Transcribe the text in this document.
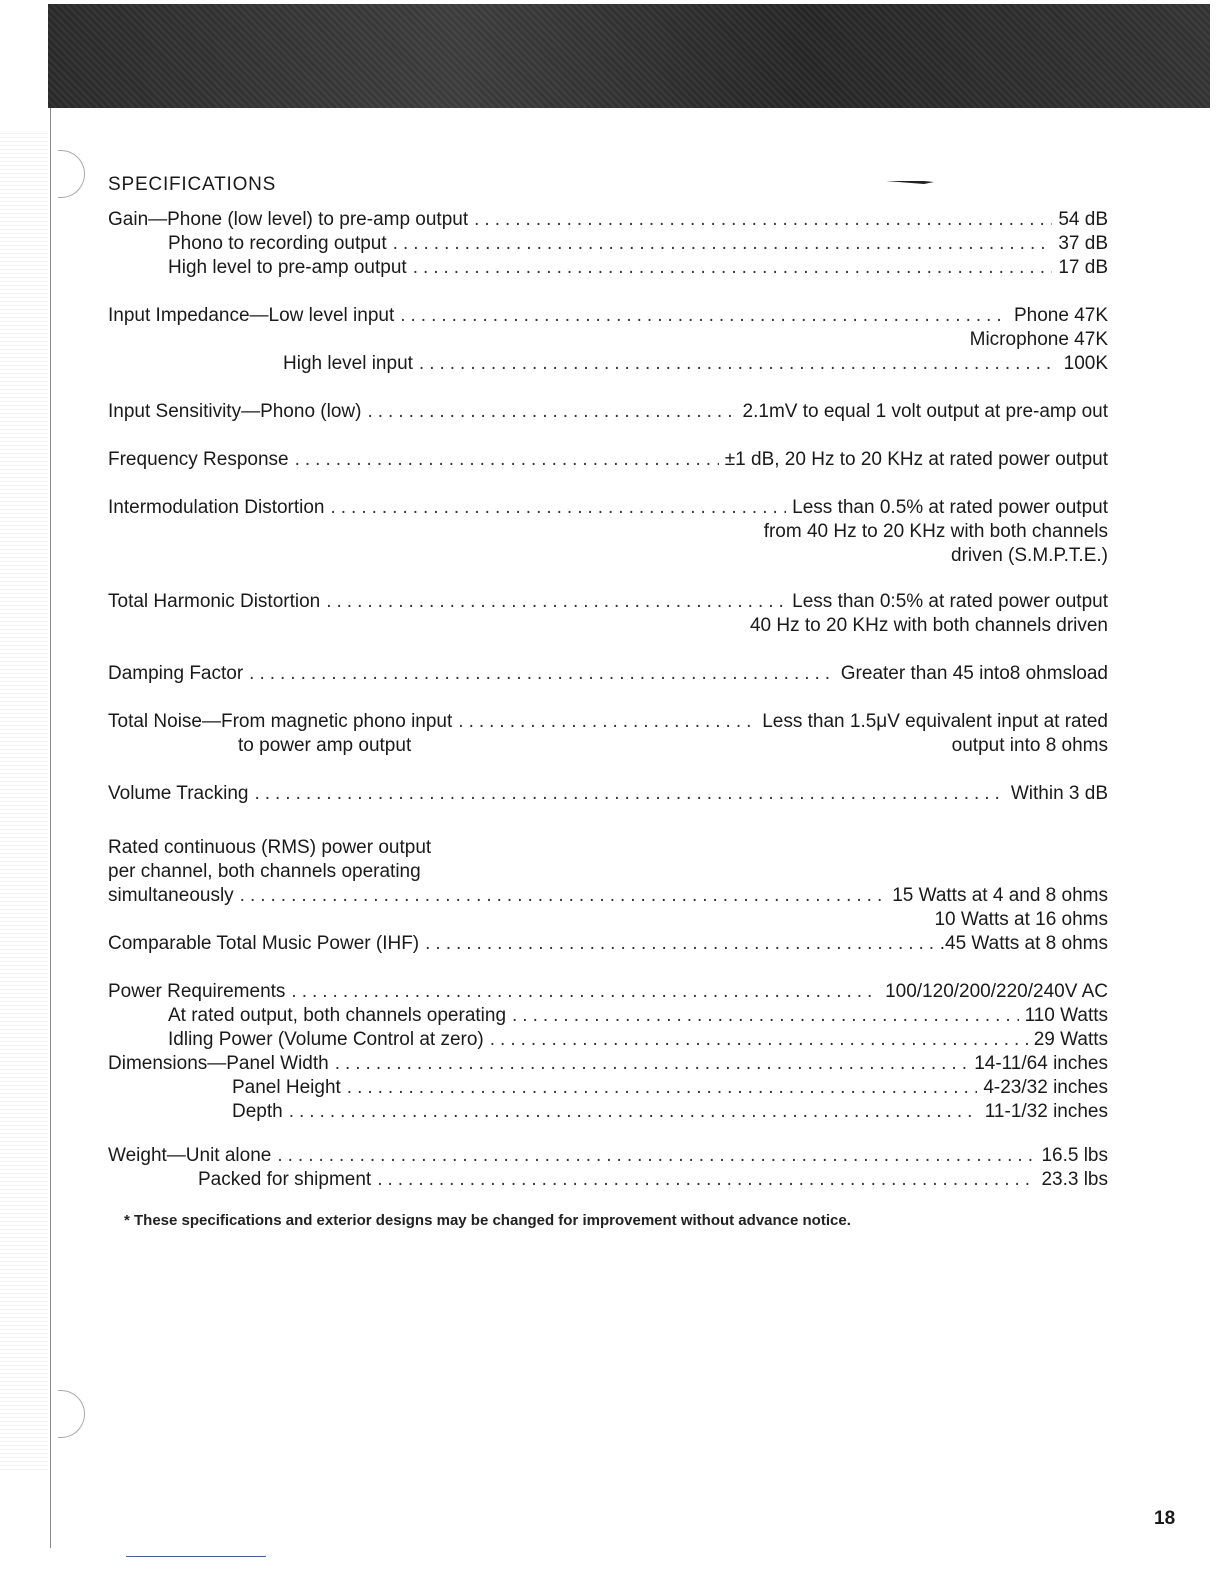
SPECIFICATIONS
Gain—Phone (low level) to pre-amp output .....	54 dB
Phono to recording output .....	37 dB
High level to pre-amp output .....	17 dB
Input Impedance—Low level input .....	Phone 47K
Microphone 47K
High level input .....	100K
Input Sensitivity—Phono (low) .....	2.1mV to equal 1 volt output at pre-amp out
Frequency Response .....	±1 dB, 20 Hz to 20 KHz at rated power output
Intermodulation Distortion .....	Less than 0.5% at rated power output
from 40 Hz to 20 KHz with both channels
driven (S.M.P.T.E.)
Total Harmonic Distortion .....	Less than 0:5% at rated power output
40 Hz to 20 KHz with both channels driven
Damping Factor .....	Greater than 45 into8 ohmsload
Total Noise—From magnetic phono input .....	Less than 1.5μV equivalent input at rated
to power amp output	output into 8 ohms
Volume Tracking .....	Within 3 dB
Rated continuous (RMS) power output
per channel, both channels operating
simultaneously .....	15 Watts at 4 and 8 ohms
10 Watts at 16 ohms
Comparable Total Music Power (IHF) .....	.45 Watts at 8 ohms
Power Requirements .....	100/120/200/220/240V AC
At rated output, both channels operating .....	110 Watts
Idling Power (Volume Control at zero) .....	29 Watts
Dimensions—Panel Width .....	14-11/64 inches
Panel Height .....	4-23/32 inches
Depth .....	11-1/32 inches
Weight—Unit alone .....	16.5 lbs
Packed for shipment .....	23.3 lbs
* These specifications and exterior designs may be changed for improvement without advance notice.
18
